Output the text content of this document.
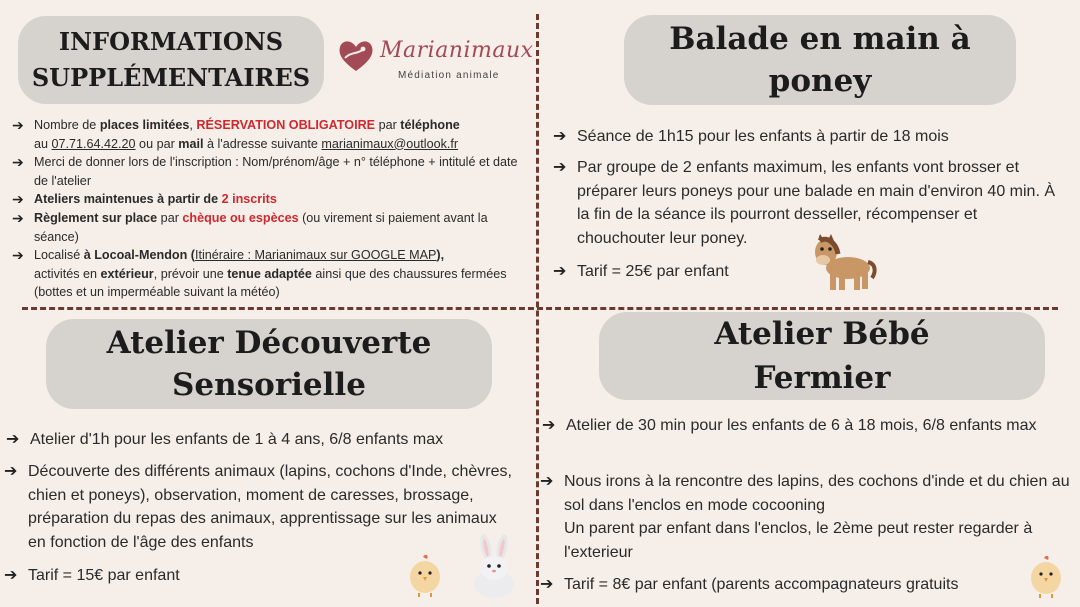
INFORMATIONS
SUPPLÉMENTAIRES
Marianimaux
Médiation animale
➔ Nombre de places limitées, RÉSERVATION OBLIGATOIRE par téléphone
au 07.71.64.42.20 ou par mail à l'adresse suivante marianimaux@outlook.fr
➔ Merci de donner lors de l'inscription : Nom/prénom/âge + n° téléphone + intitulé et date de l'atelier
➔ Ateliers maintenues à partir de 2 inscrits
➔ Règlement sur place par chèque ou espèces (ou virement si paiement avant la séance)
➔ Localisé à Locoal-Mendon (Itinéraire : Marianimaux sur GOOGLE MAP),
activités en extérieur, prévoir une tenue adaptée ainsi que des chaussures fermées (bottes et un imperméable suivant la météo)
Balade en main à
poney
➔ Séance de 1h15 pour les enfants à partir de 18 mois
➔ Par groupe de 2 enfants maximum, les enfants vont brosser et préparer leurs poneys pour une balade en main d'environ 40 min. À la fin de la séance ils pourront desseller, récompenser et chouchouter leur poney.
➔ Tarif = 25€ par enfant
Atelier Découverte
Sensorielle
➔ Atelier d'1h pour les enfants de 1 à 4 ans, 6/8 enfants max
➔ Découverte des différents animaux (lapins, cochons d'Inde, chèvres, chien et poneys), observation, moment de caresses, brossage, préparation du repas des animaux, apprentissage sur les animaux en fonction de l'âge des enfants
➔ Tarif = 15€ par enfant
Atelier Bébé
Fermier
➔ Atelier de 30 min pour les enfants de 6 à 18 mois, 6/8 enfants max
➔ Nous irons à la rencontre des lapins, des cochons d'inde et du chien au sol dans l'enclos en mode cocooning
Un parent par enfant dans l'enclos, le 2ème peut rester regarder à l'exterieur
➔ Tarif = 8€ par enfant (parents accompagnateurs gratuits
